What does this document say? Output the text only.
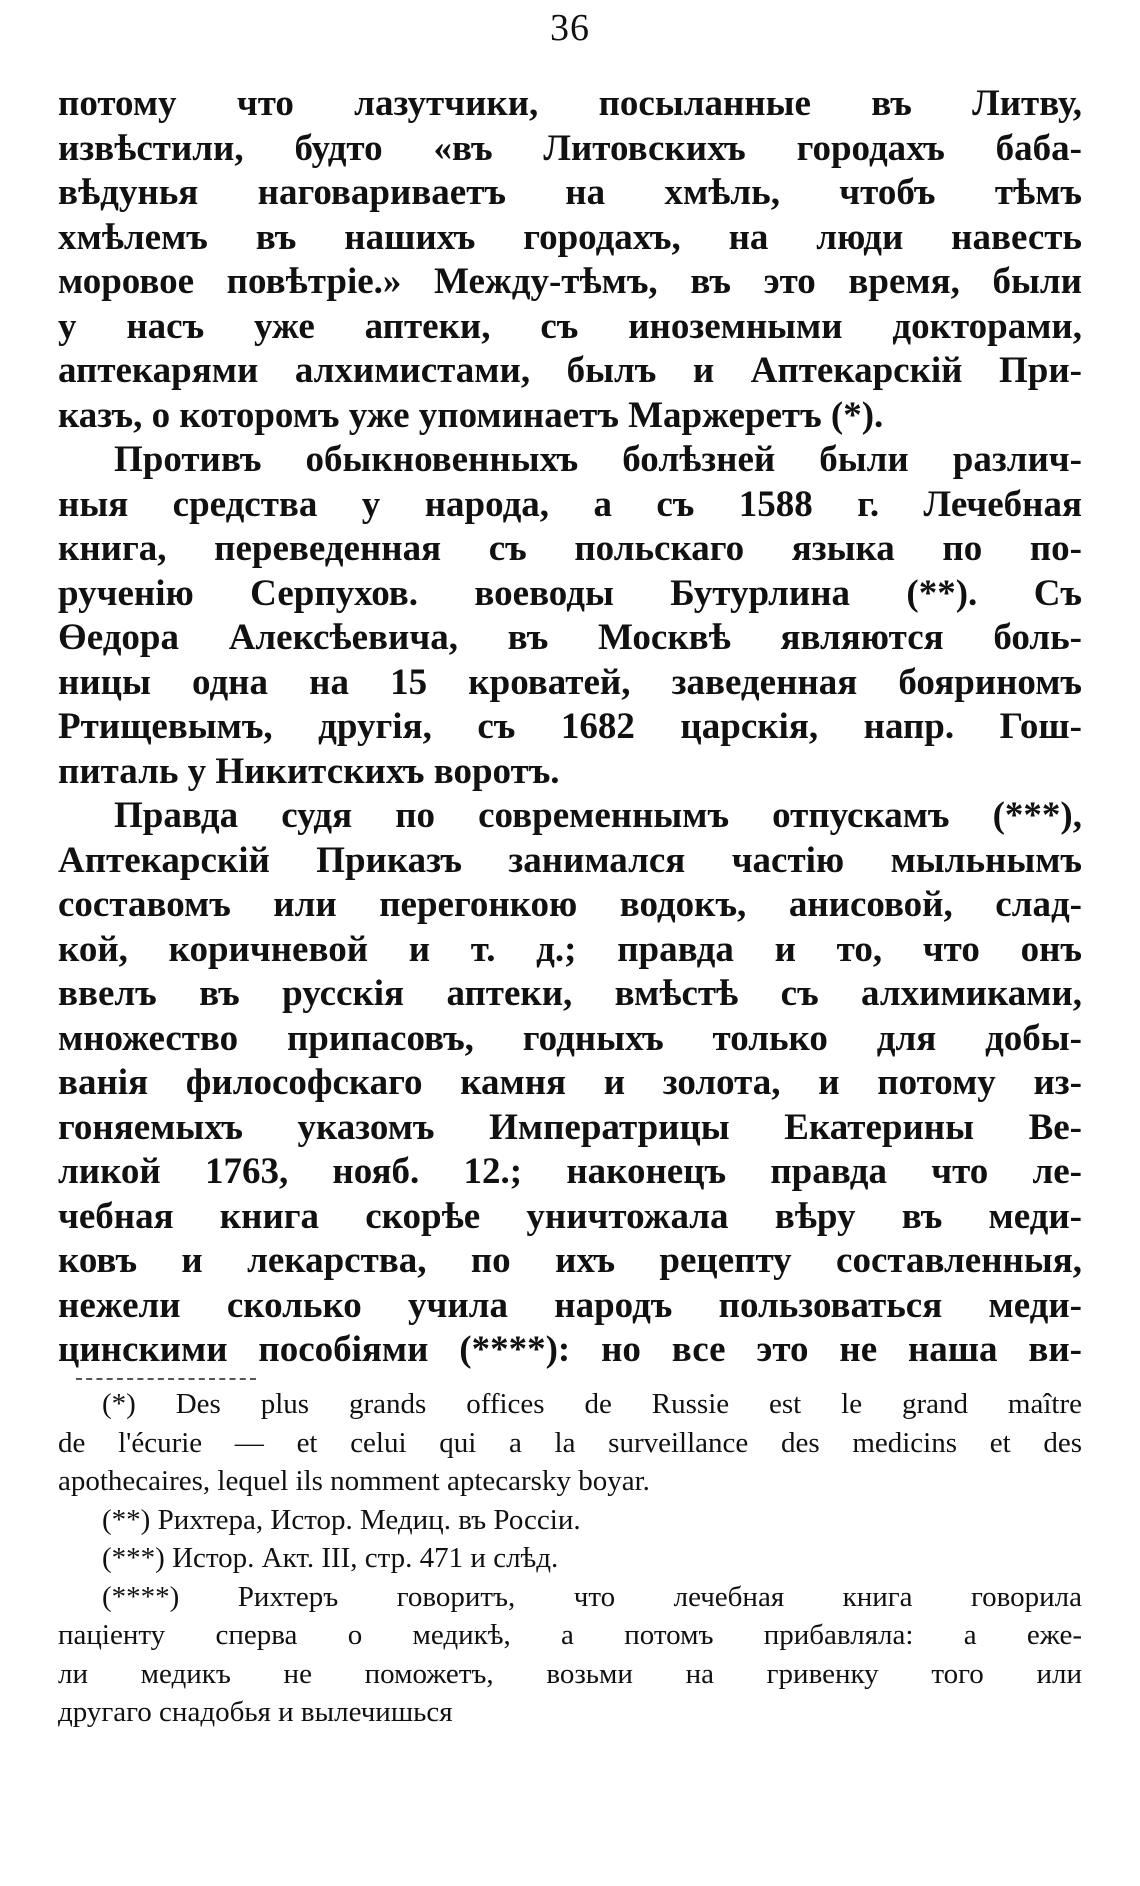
36
потому что лазутчики, посыланные въ Литву,
извѣстили, будто «въ Литовскихъ городахъ баба-
вѣдунья наговариваетъ на хмѣль, чтобъ тѣмъ
хмѣлемъ въ нашихъ городахъ, на люди навесть
моровое повѣтріе.» Между-тѣмъ, въ это время, были
у насъ уже аптеки, съ иноземными докторами,
аптекарями алхимистами, былъ и Аптекарскій При-
казъ, о которомъ уже упоминаетъ Маржеретъ (*).
Противъ обыкновенныхъ болѣзней были различ-
ныя средства у народа, а съ 1588 г. Лечебная
книга, переведенная съ польскаго языка по по-
рученію Серпухов. воеводы Бутурлина (**). Съ
Өедора Алексѣевича, въ Москвѣ являются боль-
ницы одна на 15 кроватей, заведенная бояриномъ
Ртищевымъ, другія, съ 1682 царскія, напр. Гош-
питаль у Никитскихъ воротъ.
Правда судя по современнымъ отпускамъ (***),
Аптекарскій Приказъ занимался частію мыльнымъ
составомъ или перегонкою водокъ, анисовой, слад-
кой, коричневой и т. д.; правда и то, что онъ
ввелъ въ русскія аптеки, вмѣстѣ съ алхимиками,
множество припасовъ, годныхъ только для добы-
ванія философскаго камня и золота, и потому из-
гоняемыхъ указомъ Императрицы Екатерины Ве-
ликой 1763, нояб. 12.; наконецъ правда что ле-
чебная книга скорѣе уничтожала вѣру въ меди-
ковъ и лекарства, по ихъ рецепту составленныя,
нежели сколько учила народъ пользоваться меди-
цинскими пособіями (****): но все это не наша ви-
(*) Des plus grands offices de Russie est le grand maître
de l'écurie — et celui qui a la surveillance des medicins et des
apothecaires, lequel ils nomment aptecarsky boyar.
(**) Рихтера, Истор. Медиц. въ Россіи.
(***) Истор. Акт. III, стр. 471 и слѣд.
(****) Рихтеръ говоритъ, что лечебная книга говорила
паціенту сперва о медикѣ, а потомъ прибавляла: а еже-
ли медикъ не поможетъ, возьми на гривенку того или
другаго снадобья и вылечишься
